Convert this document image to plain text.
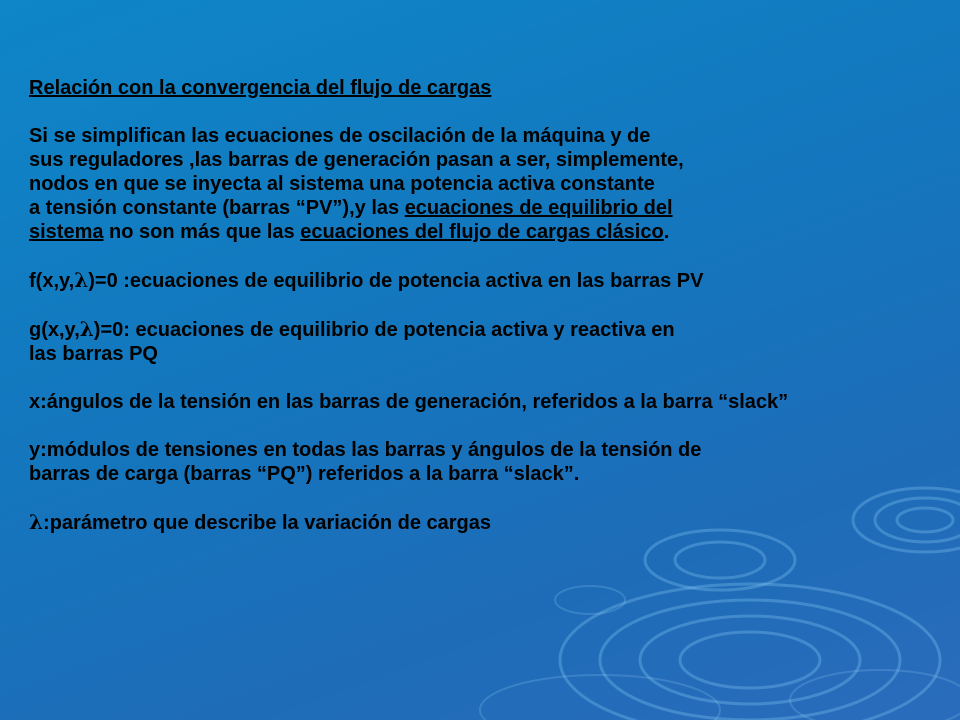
Relación con la convergencia del flujo de cargas

Si se simplifican las ecuaciones de oscilación de la máquina y de

sus reguladores ,las barras de generación pasan a ser, simplemente,

nodos en que se inyecta al sistema una potencia activa constante

a tensión constante (barras “PV”),y las ecuaciones de equilibrio del

sistema no son más que las ecuaciones del flujo de cargas clásico.

f(x,y,λ)=0 :ecuaciones de equilibrio de potencia activa en las barras PV

g(x,y,λ)=0: ecuaciones de equilibrio de potencia activa y reactiva en

las barras PQ

x:ángulos de la tensión en las barras de generación, referidos a la barra “slack”

y:módulos de tensiones en todas las barras y ángulos de la tensión de

barras de carga (barras “PQ”) referidos a la barra “slack”.

λ:parámetro que describe la variación de cargas
